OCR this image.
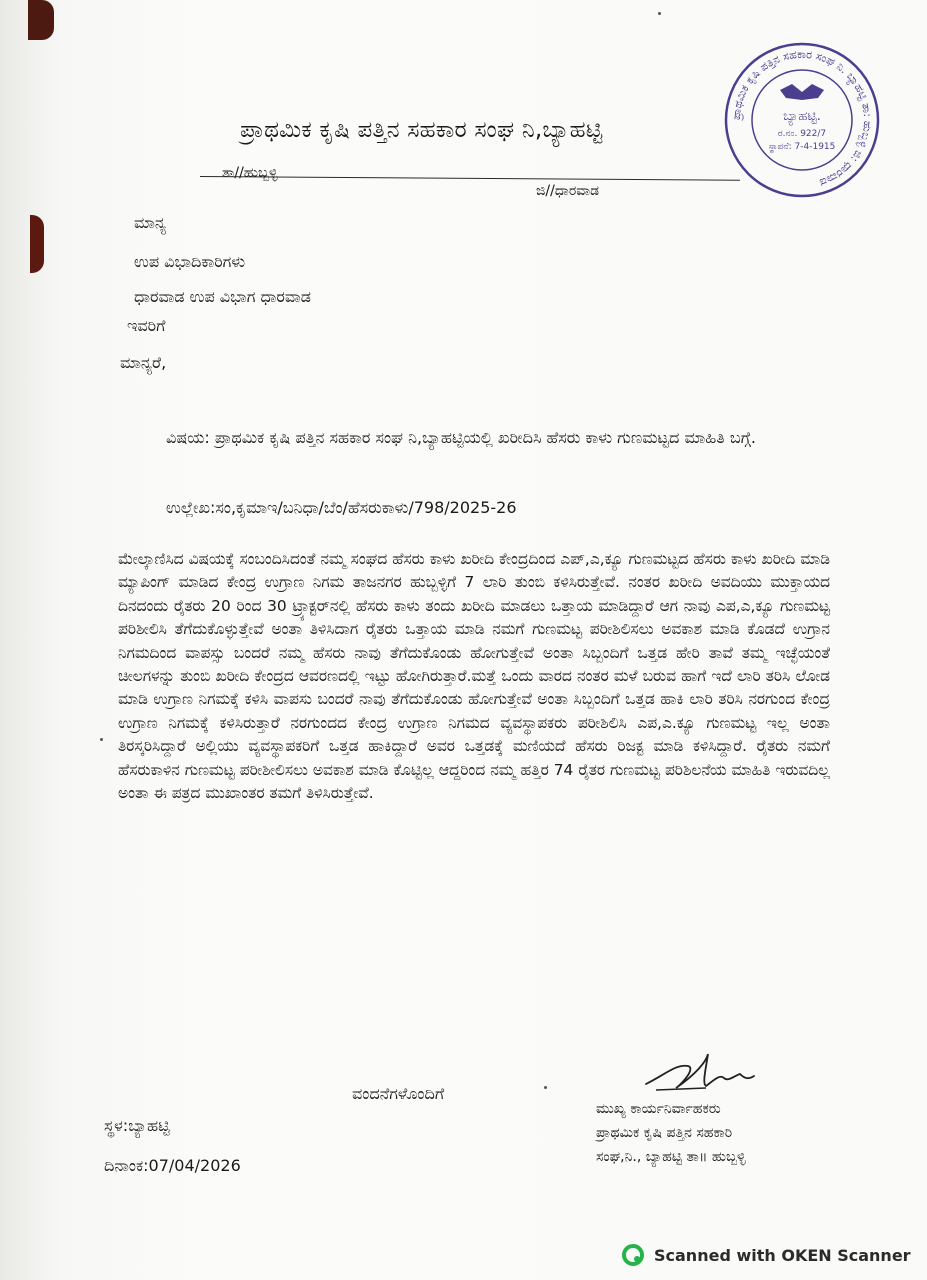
ಪ್ರಾಥಮಿಕ ಕೃಷಿ ಪತ್ತಿನ ಸಹಕಾರ ಸಂಘ ನಿ,ಬ್ಯಾಹಟ್ಟಿ
ತಾ//ಹುಬ್ಬಳ್ಳಿ
ಜಿ//ಧಾರವಾಡ
ಪ್ರಾಥಮಿಕ ಕೃಷಿ ಪತ್ತಿನ ಸಹಕಾರ ಸಂಘ ನಿ. ಬ್ಯಾಹಟ್ಟಿ ತಾ: ಹುಬ್ಬಳ್ಳಿ ಜಿ: ಧಾರವಾಡ
ಬ್ಯಾಹಟ್ಟಿ.
ರ.ನಂ. 922/7
ಸ್ಥಾಪನೆ: 7-4-1915
ಮಾನ್ಯ
ಉಪ ವಿಭಾದಿಕಾರಿಗಳು
ಧಾರವಾಡ ಉಪ ವಿಭಾಗ ಧಾರವಾಡ
ಇವರಿಗೆ
ಮಾನ್ಯರೆ,
ವಿಷಯ: ಪ್ರಾಥಮಿಕ ಕೃಷಿ ಪತ್ತಿನ ಸಹಕಾರ ಸಂಘ ನಿ,ಬ್ಯಾಹಟ್ಟಿಯಲ್ಲಿ ಖರೀದಿಸಿ ಹೆಸರು ಕಾಳು ಗುಣಮಟ್ಟದ ಮಾಹಿತಿ ಬಗ್ಗೆ.
ಉಲ್ಲೇಖ:ಸಂ,ಕೃಮಾಇ/ಬನಿಧಾ/ಬೆಂ/ಹೆಸರುಕಾಳು/798/2025-26
ಮೇಲ್ಕಾಣಿಸಿದ ವಿಷಯಕ್ಕೆ ಸಂಬಂದಿಸಿದಂತೆ ನಮ್ಮ ಸಂಘದ ಹೆಸರು ಕಾಳು ಖರೀದಿ ಕೇಂದ್ರದಿಂದ ಎಪ್,ಎ,ಕ್ಯೂ ಗುಣಮಟ್ಟದ ಹೆಸರು ಕಾಳು ಖರೀದಿ ಮಾಡಿ ಮ್ಯಾಪಿಂಗ್ ಮಾಡಿದ ಕೇಂದ್ರ ಉಗ್ರಾಣ ನಿಗಮ ತಾಜನಗರ ಹುಬ್ಬಳ್ಳಿಗೆ 7 ಲಾರಿ ತುಂಬಿ ಕಳಿಸಿರುತ್ತೇವೆ. ನಂತರ ಖರೀದಿ ಅವದಿಯು ಮುಕ್ತಾಯದ ದಿನದಂದು ರೈತರು 20 ರಿಂದ 30 ಟ್ರ್ಯಾಕ್ಟರ್‌ನಲ್ಲಿ ಹೆಸರು ಕಾಳು ತಂದು ಖರೀದಿ ಮಾಡಲು ಒತ್ತಾಯ ಮಾಡಿದ್ದಾರೆ ಆಗ ನಾವು ಎಪ,ಎ,ಕ್ಯೂ ಗುಣಮಟ್ಟ ಪರಿಶೀಲಿಸಿ ತೆಗೆದುಕೊಳ್ಳುತ್ತೇವೆ ಅಂತಾ ತಿಳಿಸಿದಾಗ ರೈತರು ಒತ್ತಾಯ ಮಾಡಿ ನಮಗೆ ಗುಣಮಟ್ಟ ಪರೀಶಿಲಿಸಲು ಅವಕಾಶ ಮಾಡಿ ಕೊಡದೆ ಉಗ್ರಾನ ನಿಗಮದಿಂದ ವಾಪಸ್ಸು ಬಂದರೆ ನಮ್ಮ ಹೆಸರು ನಾವು ತೆಗೆದುಕೊಂಡು ಹೋಗುತ್ತೇವೆ ಅಂತಾ ಸಿಬ್ಬಂದಿಗೆ ಒತ್ತಡ ಹೇರಿ ತಾವೆ ತಮ್ಮ ಇಚ್ಛೆಯಂತೆ ಚೀಲಗಳನ್ನು ತುಂಬಿ ಖರೀದಿ ಕೇಂದ್ರದ ಆವರಣದಲ್ಲಿ ಇಟ್ಟು ಹೋಗಿರುತ್ತಾರೆ.ಮತ್ತೆ ಒಂದು ವಾರದ ನಂತರ ಮಳೆ ಬರುವ ಹಾಗೆ ಇದೆ ಲಾರಿ ತರಿಸಿ ಲೋಡ ಮಾಡಿ ಉಗ್ರಾಣ ನಿಗಮಕ್ಕೆ ಕಳಿಸಿ ವಾಪಸು ಬಂದರೆ ನಾವು ತೆಗೆದುಕೊಂಡು ಹೋಗುತ್ತೇವೆ ಅಂತಾ ಸಿಬ್ಬಂದಿಗೆ ಒತ್ತಡ ಹಾಕಿ ಲಾರಿ ತರಿಸಿ ನರಗುಂದ ಕೇಂದ್ರ ಉಗ್ರಾಣ ನಿಗಮಕ್ಕೆ ಕಳಿಸಿರುತ್ತಾರೆ ನರಗುಂದದ ಕೇಂದ್ರ ಉಗ್ರಾಣ ನಿಗಮದ ವ್ಯವಸ್ಥಾಪಕರು ಪರೀಶಿಲಿಸಿ ಎಪ,ಎ.ಕ್ಯೂ ಗುಣಮಟ್ಟ ಇಲ್ಲ ಅಂತಾ ತಿರಸ್ಕರಿಸಿದ್ದಾರೆ ಅಲ್ಲಿಯು ವ್ಯವಸ್ಥಾಪಕರಿಗೆ ಒತ್ತಡ ಹಾಕಿದ್ದಾರೆ ಅವರ ಒತ್ತಡಕ್ಕೆ ಮಣಿಯದೆ ಹೆಸರು ರಿಜಕ್ಟ ಮಾಡಿ ಕಳಿಸಿದ್ದಾರೆ. ರೈತರು ನಮಗೆ ಹೆಸರುಕಾಳಿನ ಗುಣಮಟ್ಟ ಪರೀಶೀಲಿಸಲು ಅವಕಾಶ ಮಾಡಿ ಕೊಟ್ಟಿಲ್ಲ ಆದ್ದರಿಂದ ನಮ್ಮ ಹತ್ತಿರ 74 ರೈತರ ಗುಣಮಟ್ಟ ಪರಿಶಿಲನೆಯ ಮಾಹಿತಿ ಇರುವದಿಲ್ಲ ಅಂತಾ ಈ ಪತ್ರದ ಮುಖಾಂತರ ತಮಗೆ ತಿಳಿಸಿರುತ್ತೇವೆ.
ವಂದನೆಗಳೊಂದಿಗೆ
ಸ್ಥಳ:ಬ್ಯಾಹಟ್ಟಿ
ದಿನಾಂಕ:07/04/2026
ಮುಖ್ಯ ಕಾರ್ಯನಿರ್ವಾಹಕರು
ಪ್ರಾಥಮಿಕ ಕೃಷಿ ಪತ್ತಿನ ಸಹಕಾರಿ
ಸಂಘ,ನಿ., ಬ್ಯಾಹಟ್ಟಿ ತಾ॥ ಹುಬ್ಬಳ್ಳಿ
Scanned with OKEN Scanner
